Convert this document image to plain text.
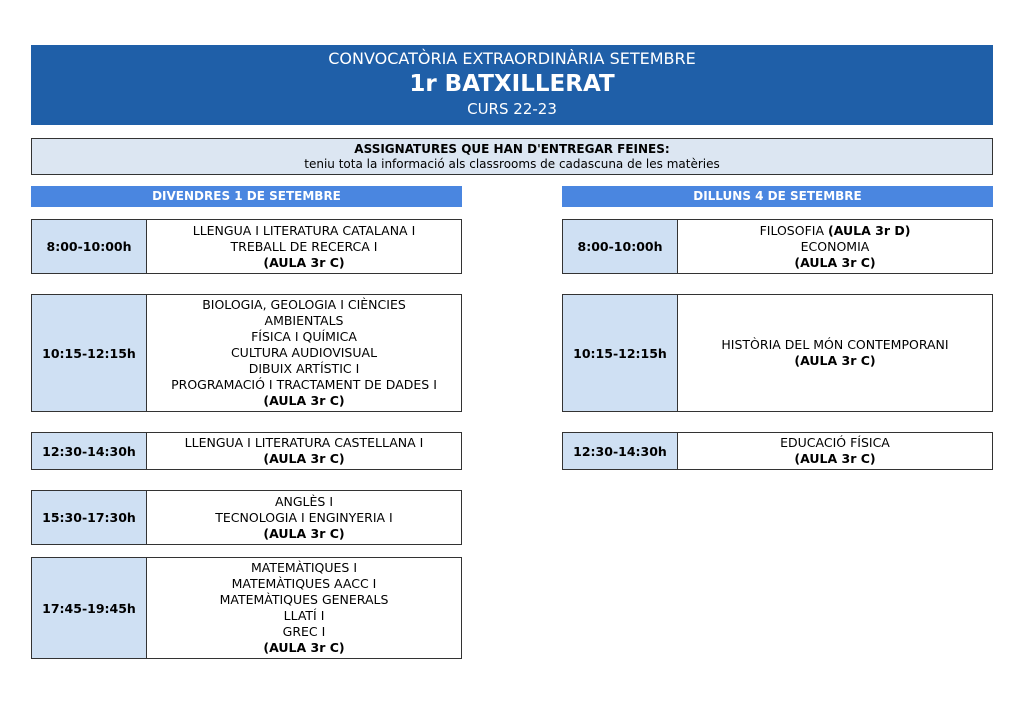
CONVOCATÒRIA EXTRAORDINÀRIA SETEMBRE
1r BATXILLERAT
CURS 22-23
ASSIGNATURES QUE HAN D'ENTREGAR FEINES:
teniu tota la informació als classrooms de cadascuna de les matèries
DIVENDRES 1 DE SETEMBRE	DILLUNS 4 DE SETEMBRE
8:00-10:00h
LLENGUA I LITERATURA CATALANA I
TREBALL DE RECERCA I
(AULA 3r C)
10:15-12:15h
BIOLOGIA, GEOLOGIA I CIÈNCIES
AMBIENTALS
FÍSICA I QUÍMICA
CULTURA AUDIOVISUAL
DIBUIX ARTÍSTIC I
PROGRAMACIÓ I TRACTAMENT DE DADES I
(AULA 3r C)
12:30-14:30h
LLENGUA I LITERATURA CASTELLANA I
(AULA 3r C)
15:30-17:30h
ANGLÈS I
TECNOLOGIA I ENGINYERIA I
(AULA 3r C)
17:45-19:45h
MATEMÀTIQUES I
MATEMÀTIQUES AACC I
MATEMÀTIQUES GENERALS
LLATÍ I
GREC I
(AULA 3r C)
8:00-10:00h
FILOSOFIA (AULA 3r D)
ECONOMIA
(AULA 3r C)
10:15-12:15h
HISTÒRIA DEL MÓN CONTEMPORANI
(AULA 3r C)
12:30-14:30h
EDUCACIÓ FÍSICA
(AULA 3r C)
